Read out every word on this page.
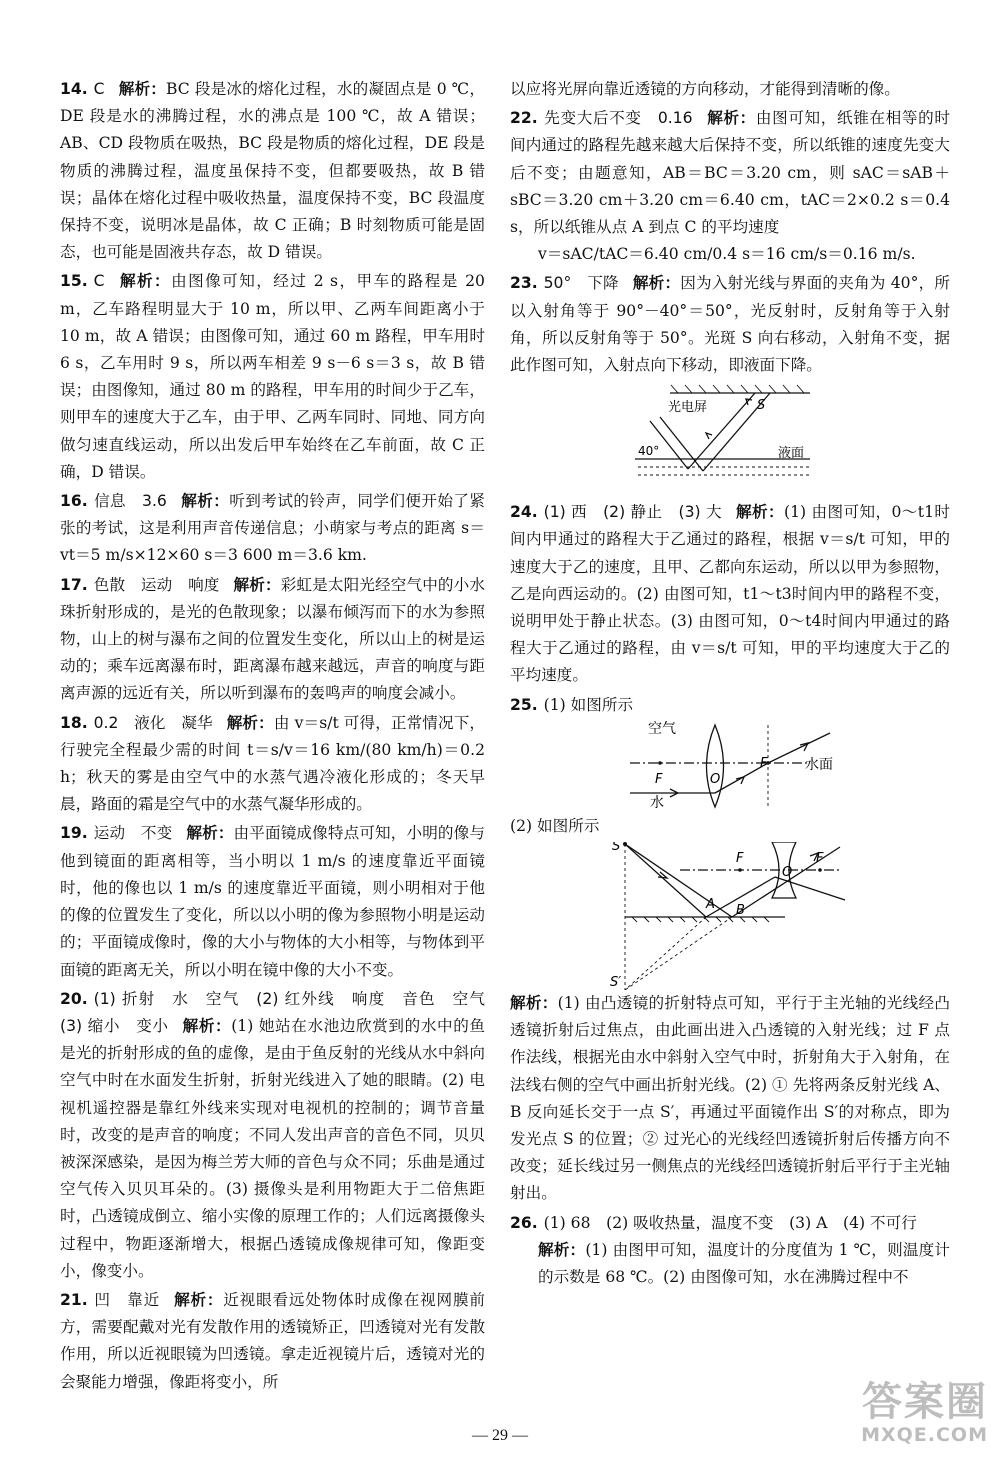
14. C 解析：BC 段是冰的熔化过程，水的凝固点是 0 ℃，DE 段是水的沸腾过程，水的沸点是 100 ℃，故 A 错误；AB、CD 段物质在吸热，BC 段是物质的熔化过程，DE 段是物质的沸腾过程，温度虽保持不变，但都要吸热，故 B 错误；晶体在熔化过程中吸收热量，温度保持不变，BC 段温度保持不变，说明冰是晶体，故 C 正确；B 时刻物质可能是固态，也可能是固液共存态，故 D 错误。
15. C 解析：由图像可知，经过 2 s，甲车的路程是 20 m，乙车路程明显大于 10 m，所以甲、乙两车间距离小于 10 m，故 A 错误；由图像可知，通过 60 m 路程，甲车用时 6 s，乙车用时 9 s，所以两车相差 9 s－6 s＝3 s，故 B 错误；由图像知，通过 80 m 的路程，甲车用的时间少于乙车，则甲车的速度大于乙车，由于甲、乙两车同时、同地、同方向做匀速直线运动，所以出发后甲车始终在乙车前面，故 C 正确，D 错误。
16. 信息　3.6 解析：听到考试的铃声，同学们便开始了紧张的考试，这是利用声音传递信息；小萌家与考点的距离 s＝vt＝5 m/s×12×60 s＝3 600 m＝3.6 km.
17. 色散　运动　响度 解析：彩虹是太阳光经空气中的小水珠折射形成的，是光的色散现象；以瀑布倾泻而下的水为参照物，山上的树与瀑布之间的位置发生变化，所以山上的树是运动的；乘车远离瀑布时，距离瀑布越来越远，声音的响度与距离声源的远近有关，所以听到瀑布的轰鸣声的响度会减小。
18. 0.2　液化　凝华 解析：由 v＝s/t 可得，正常情况下，行驶完全程最少需的时间 t＝s/v＝16 km/(80 km/h)＝0.2 h；秋天的雾是由空气中的水蒸气遇冷液化形成的；冬天早晨，路面的霜是空气中的水蒸气凝华形成的。
19. 运动　不变 解析：由平面镜成像特点可知，小明的像与他到镜面的距离相等，当小明以 1 m/s 的速度靠近平面镜时，他的像也以 1 m/s 的速度靠近平面镜，则小明相对于他的像的位置发生了变化，所以以小明的像为参照物小明是运动的；平面镜成像时，像的大小与物体的大小相等，与物体到平面镜的距离无关，所以小明在镜中像的大小不变。
20. (1) 折射　水　空气　(2) 红外线　响度　音色　空气　(3) 缩小　变小 解析：(1) 她站在水池边欣赏到的水中的鱼是光的折射形成的鱼的虚像，是由于鱼反射的光线从水中斜向空气中时在水面发生折射，折射光线进入了她的眼睛。(2) 电视机遥控器是靠红外线来实现对电视机的控制的；调节音量时，改变的是声音的响度；不同人发出声音的音色不同，贝贝被深深感染，是因为梅兰芳大师的音色与众不同；乐曲是通过空气传入贝贝耳朵的。(3) 摄像头是利用物距大于二倍焦距时，凸透镜成倒立、缩小实像的原理工作的；人们远离摄像头过程中，物距逐渐增大，根据凸透镜成像规律可知，像距变小，像变小。
21. 凹　靠近 解析：近视眼看远处物体时成像在视网膜前方，需要配戴对光有发散作用的透镜矫正，凹透镜对光有发散作用，所以近视眼镜为凹透镜。拿走近视镜片后，透镜对光的会聚能力增强，像距将变小，所
以应将光屏向靠近透镜的方向移动，才能得到清晰的像。
22. 先变大后不变　0.16 解析：由图可知，纸锥在相等的时间内通过的路程先越来越大后保持不变，所以纸锥的速度先变大后不变；由题意知，AB＝BC＝3.20 cm，则 sAC＝sAB＋sBC＝3.20 cm＋3.20 cm＝6.40 cm，tAC＝2×0.2 s＝0.4 s，所以纸锥从点 A 到点 C 的平均速度
v＝sAC/tAC＝6.40 cm/0.4 s＝16 cm/s＝0.16 m/s.
23. 50°　下降 解析：因为入射光线与界面的夹角为 40°，所以入射角等于 90°－40°＝50°，光反射时，反射角等于入射角，所以反射角等于 50°。光斑 S 向右移动，入射角不变，据此作图可知，入射点向下移动，即液面下降。
光电屏	S
40°	液面
24. (1) 西　(2) 静止　(3) 大 解析：(1) 由图可知，0～t1时间内甲通过的路程大于乙通过的路程，根据 v＝s/t 可知，甲的速度大于乙的速度，且甲、乙都向东运动，所以以甲为参照物，乙是向西运动的。(2) 由图可知，t1～t3时间内甲的路程不变，说明甲处于静止状态。(3) 由图可知，0～t4时间内甲通过的路程大于乙通过的路程，由 v＝s/t 可知，甲的平均速度大于乙的平均速度。
25. (1) 如图所示
空气
F	O
F	水面
水
(2) 如图所示
S
F
O
F
A B
S′
解析：(1) 由凸透镜的折射特点可知，平行于主光轴的光线经凸透镜折射后过焦点，由此画出进入凸透镜的入射光线；过 F 点作法线，根据光由水中斜射入空气中时，折射角大于入射角，在法线右侧的空气中画出折射光线。(2) ① 先将两条反射光线 A、B 反向延长交于一点 S′，再通过平面镜作出 S′的对称点，即为发光点 S 的位置；② 过光心的光线经凹透镜折射后传播方向不改变；延长线过另一侧焦点的光线经凹透镜折射后平行于主光轴射出。
26. (1) 68　(2) 吸收热量，温度不变　(3) A　(4) 不可行
解析：(1) 由图甲可知，温度计的分度值为 1 ℃，则温度计的示数是 68 ℃。(2) 由图像可知，水在沸腾过程中不
— 29 —
答案圈
MXQE.COM
